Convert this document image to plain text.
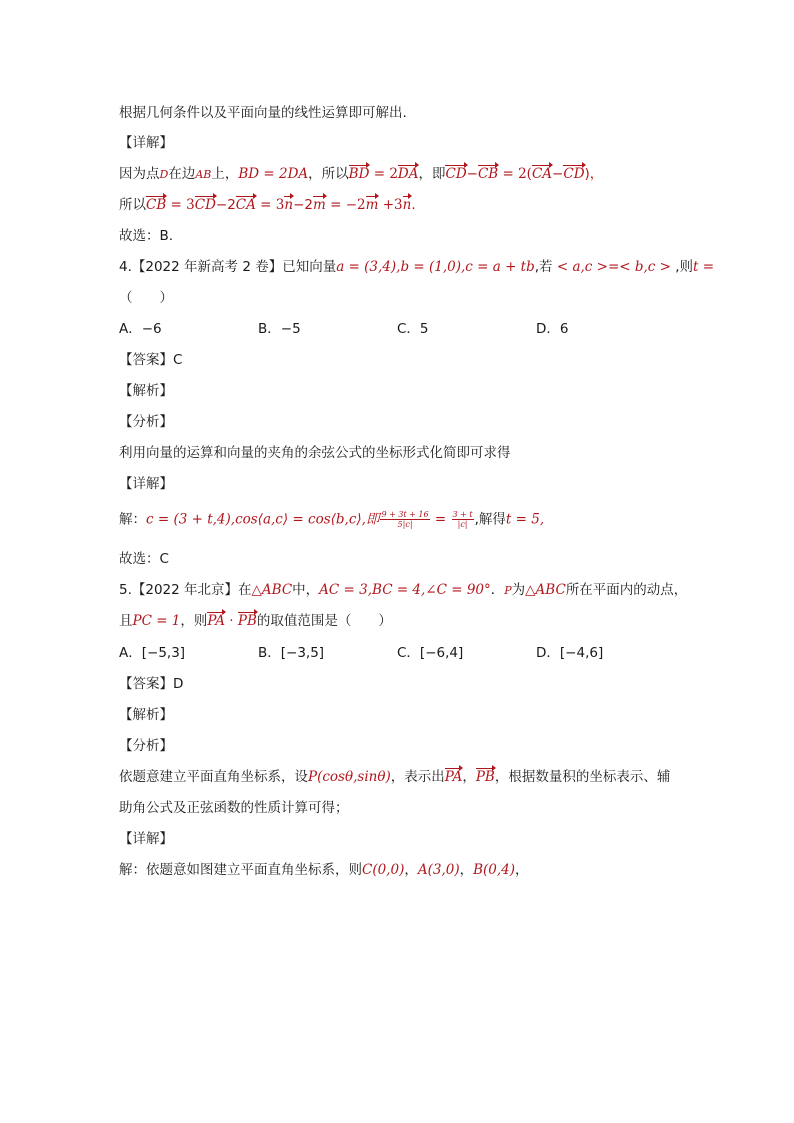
根据几何条件以及平面向量的线性运算即可解出.
【详解】
因为点D在边AB上，BD = 2DA，所以BD = 2DA，即CD−CB = 2(CA−CD)，
所以CB = 3CD−2CA = 3n−2m = −2m +3n.
故选：B.
4.【2022 年新高考 2 卷】已知向量a = (3,4),b = (1,0),c = a + tb,若 < a,c >=< b,c > ,则t =
（　　）
A．−6	B．−5	C．5	D．6
【答案】C
【解析】
【分析】
利用向量的运算和向量的夹角的余弦公式的坐标形式化简即可求得
【详解】
解：c = (3 + t,4),cos⟨a,c⟩ = cos⟨b,c⟩,即 $\frac{9 + 3t + 16}{5|c|} = \frac{3 + t}{|c|}$ ,解得t = 5,
故选：C
5.【2022 年北京】在△ABC中，AC = 3,BC = 4,∠C = 90°．P为△ABC所在平面内的动点，
且PC = 1，则PA · PB的取值范围是（　　）
A．[−5,3]	B．[−3,5]	C．[−6,4]	D．[−4,6]
【答案】D
【解析】
【分析】
依题意建立平面直角坐标系，设P(cosθ,sinθ)，表示出PA，PB，根据数量积的坐标表示、辅
助角公式及正弦函数的性质计算可得；
【详解】
解：依题意如图建立平面直角坐标系，则C(0,0)，A(3,0)，B(0,4)，
